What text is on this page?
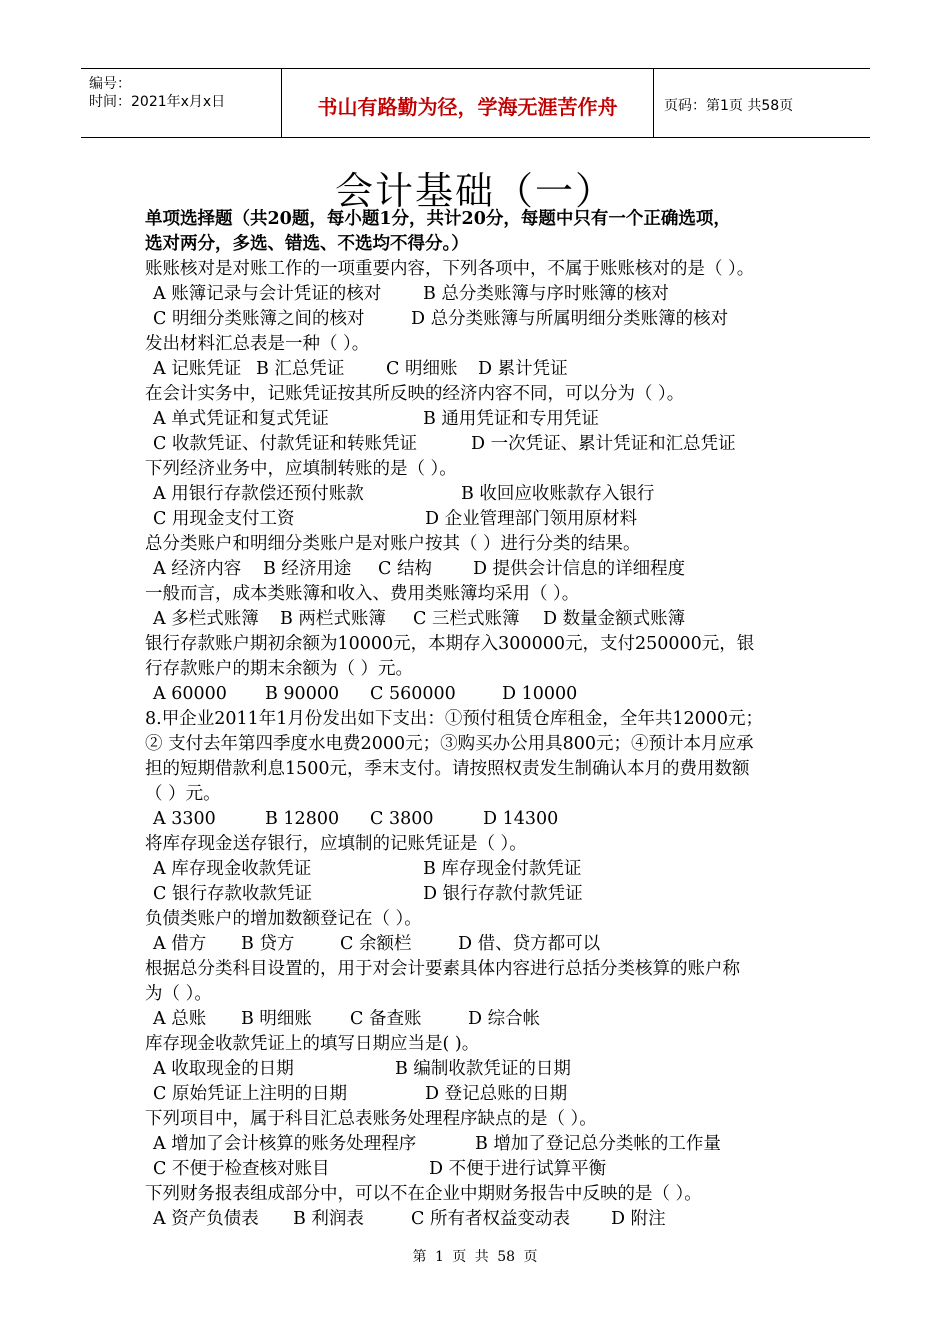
编号：
时间：2021年x月x日	书山有路勤为径，学海无涯苦作舟	页码：第1页 共58页
会计基础（一）
单项选择题（共20题，每小题1分，共计20分，每题中只有一个正确选项，
选对两分，多选、错选、不选均不得分。）
账账核对是对账工作的一项重要内容，下列各项中，不属于账账核对的是（ ）。
A 账簿记录与会计凭证的核对 B 总分类账簿与序时账簿的核对
C 明细分类账簿之间的核对	D 总分类账簿与所属明细分类账簿的核对
发出材料汇总表是一种（ ）。
A 记账凭证 B 汇总凭证 C 明细账 D 累计凭证
在会计实务中，记账凭证按其所反映的经济内容不同，可以分为（ ）。
A 单式凭证和复式凭证	B 通用凭证和专用凭证
C 收款凭证、付款凭证和转账凭证	D 一次凭证、累计凭证和汇总凭证
下列经济业务中，应填制转账的是（ ）。
A 用银行存款偿还预付账款	B 收回应收账款存入银行
C 用现金支付工资	D 企业管理部门领用原材料
总分类账户和明细分类账户是对账户按其（ ）进行分类的结果。
A 经济内容 B 经济用途 C 结构 D 提供会计信息的详细程度
一般而言，成本类账簿和收入、费用类账簿均采用（ ）。
A 多栏式账簿 B 两栏式账簿 C 三栏式账簿 D 数量金额式账簿
银行存款账户期初余额为10000元，本期存入300000元，支付250000元，银
行存款账户的期末余额为（ ）元。
A 60000 B 90000 C 560000	D 10000
8.甲企业2011年1月份发出如下支出：①预付租赁仓库租金，全年共12000元；
② 支付去年第四季度水电费2000元；③购买办公用具800元；④预计本月应承
担的短期借款利息1500元，季末支付。请按照权责发生制确认本月的费用数额
（ ）元。
A 3300	B 12800 C 3800	D 14300
将库存现金送存银行，应填制的记账凭证是（ ）。
A 库存现金收款凭证	B 库存现金付款凭证
C 银行存款收款凭证	D 银行存款付款凭证
负债类账户的增加数额登记在（ ）。
A 借方 B 贷方	C 余额栏	D 借、贷方都可以
根据总分类科目设置的，用于对会计要素具体内容进行总括分类核算的账户称
为（ ）。
A 总账 B 明细账 C 备查账	D 综合帐
库存现金收款凭证上的填写日期应当是( )。
A 收取现金的日期	B 编制收款凭证的日期
C 原始凭证上注明的日期	D 登记总账的日期
下列项目中，属于科目汇总表账务处理程序缺点的是（ ）。
A 增加了会计核算的账务处理程序	B 增加了登记总分类帐的工作量
C 不便于检查核对账目	D 不便于进行试算平衡
下列财务报表组成部分中，可以不在企业中期财务报告中反映的是（ ）。
A 资产负债表 B 利润表	C 所有者权益变动表 D 附注
第 1 页 共 58 页
